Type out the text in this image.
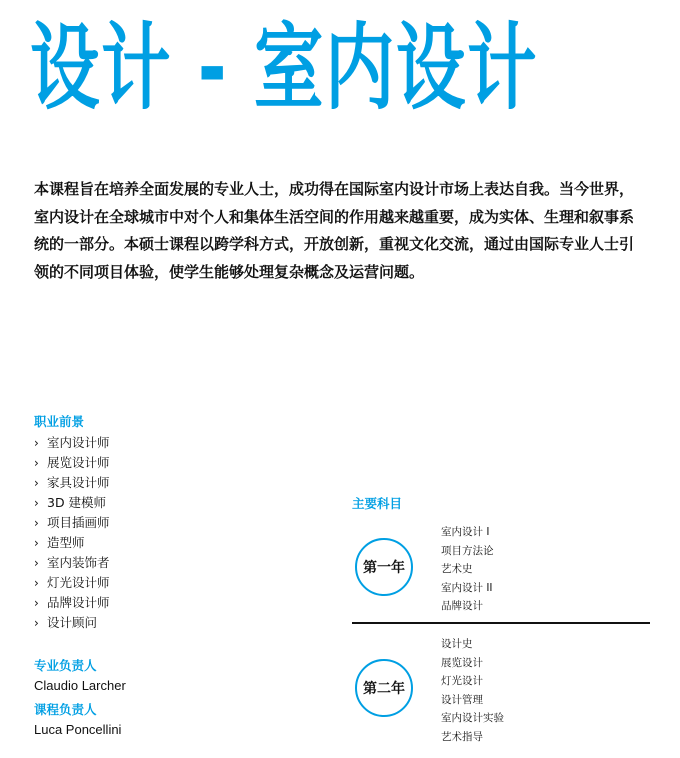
设计 - 室内设计

本课程旨在培养全面发展的专业人士，成功得在国际室内设计市场上表达自我。当今世界，室内设计在全球城市中对个人和集体生活空间的作用越来越重要，成为实体、生理和叙事系统的一部分。本硕士课程以跨学科方式，开放创新，重视文化交流，通过由国际专业人士引领的不同项目体验，使学生能够处理复杂概念及运营问题。

职业前景
› 室内设计师
› 展览设计师
› 家具设计师
› 3D 建模师
› 项目插画师
› 造型师
› 室内装饰者
› 灯光设计师
› 品牌设计师
› 设计顾问
专业负责人
Claudio Larcher
课程负责人
Luca Poncellini
主要科目
第一年
室内设计 I
项目方法论
艺术史
室内设计 II
品牌设计
第二年
设计史
展览设计
灯光设计
设计管理
室内设计实验
艺术指导
